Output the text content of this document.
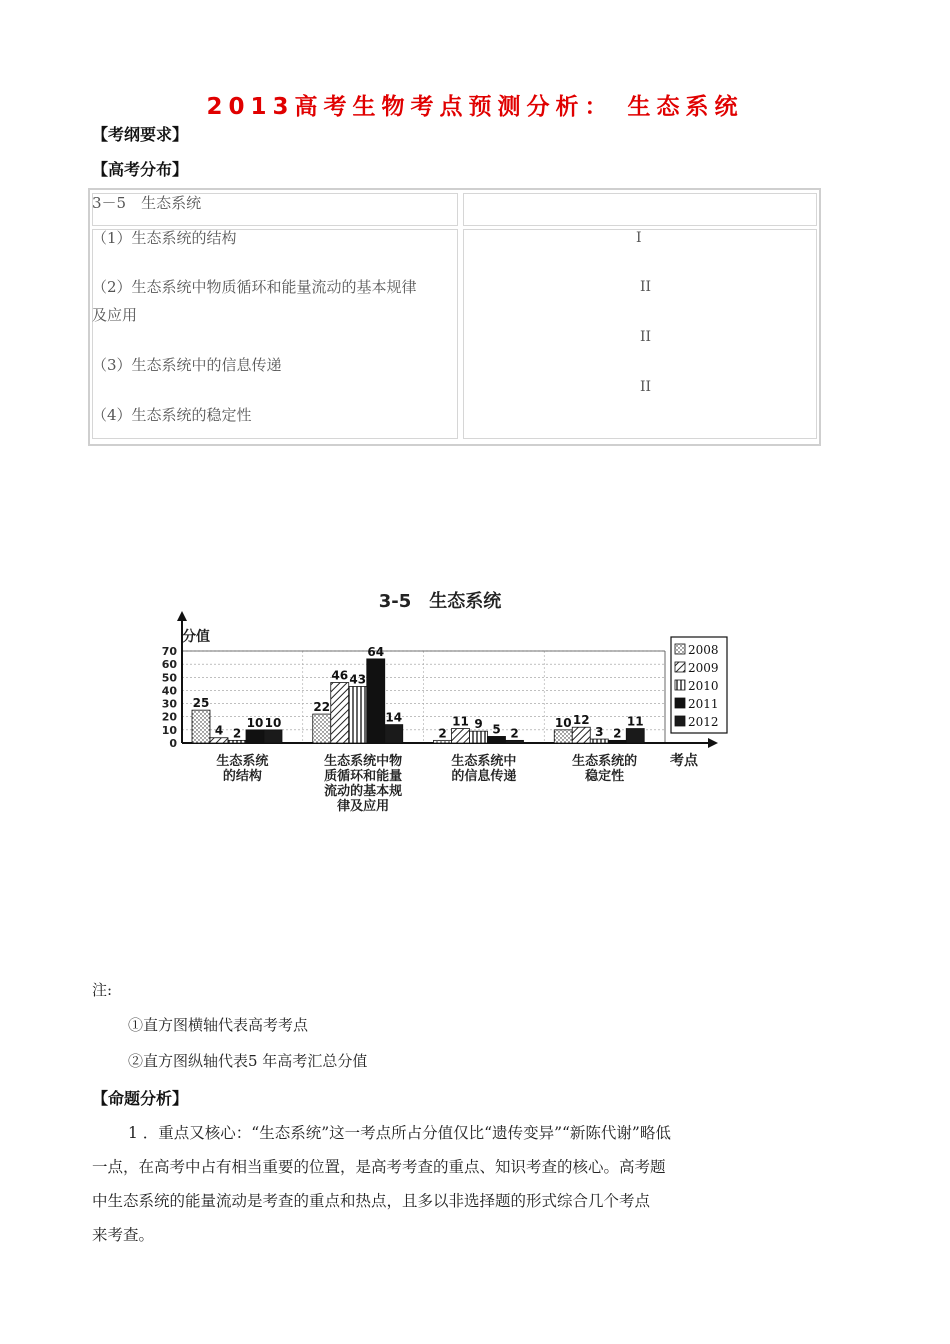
2013高考生物考点预测分析： 生态系统
【考纲要求】
【高考分布】
3－5　生态系统
（1）生态系统的结构
（2）生态系统中物质循环和能量流动的基本规律
及应用
（3）生态系统中的信息传递
（4）生态系统的稳定性
I
II
II
II
3-5　生态系统
分值
0
10
20
30
40
50
60
70
考点
25
4 2
10 10
生态系统
的结构
22
46 43
64
14
生态系统中物
质循环和能量
流动的基本规
律及应用
2
11 9 5 2
生态系统中
的信息传递
10 12
3 2
11
生态系统的
稳定性
2008
2009
2010
2011
2012
注:
①直方图横轴代表高考考点
②直方图纵轴代表5 年高考汇总分值
【命题分析】
1 ．重点又核心：“生态系统”这一考点所占分值仅比“遗传变异”“新陈代谢”略低
一点，在高考中占有相当重要的位置，是高考考查的重点、知识考查的核心。高考题
中生态系统的能量流动是考查的重点和热点，且多以非选择题的形式综合几个考点
来考查。
